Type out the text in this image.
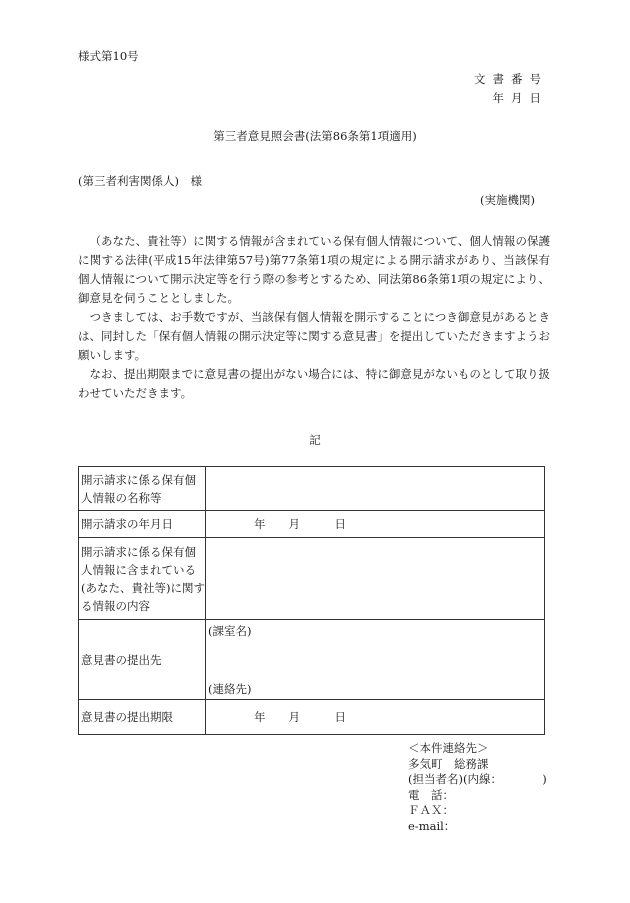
様式第10号
文書番号
年月日
第三者意見照会書(法第86条第1項適用)
(第三者利害関係人)　様
(実施機関)

（あなた、貴社等）に関する情報が含まれている保有個人情報について、個人情報の保護に関する法律(平成15年法律第57号)第77条第1項の規定による開示請求があり、当該保有個人情報について開示決定等を行う際の参考とするため、同法第86条第1項の規定により、御意見を伺うこととしました。

つきましては、お手数ですが、当該保有個人情報を開示することにつき御意見があるときは、同封した「保有個人情報の開示決定等に関する意見書」を提出していただきますようお願いします。

なお、提出期限までに意見書の提出がない場合には、特に御意見がないものとして取り扱わせていただきます。

記
開示請求に係る保有個人情報の名称等	
開示請求の年月日	年　　月　　　日
開示請求に係る保有個人情報に含まれている(あなた、貴社等)に関する情報の内容	
意見書の提出先	(課室名)
(連絡先)

意見書の提出期限	年　　月　　　日
＜本件連絡先＞
多気町　総務課
(担当者名)(内線：　　　　)
電　話：
ＦＡＸ：
e-mail：
